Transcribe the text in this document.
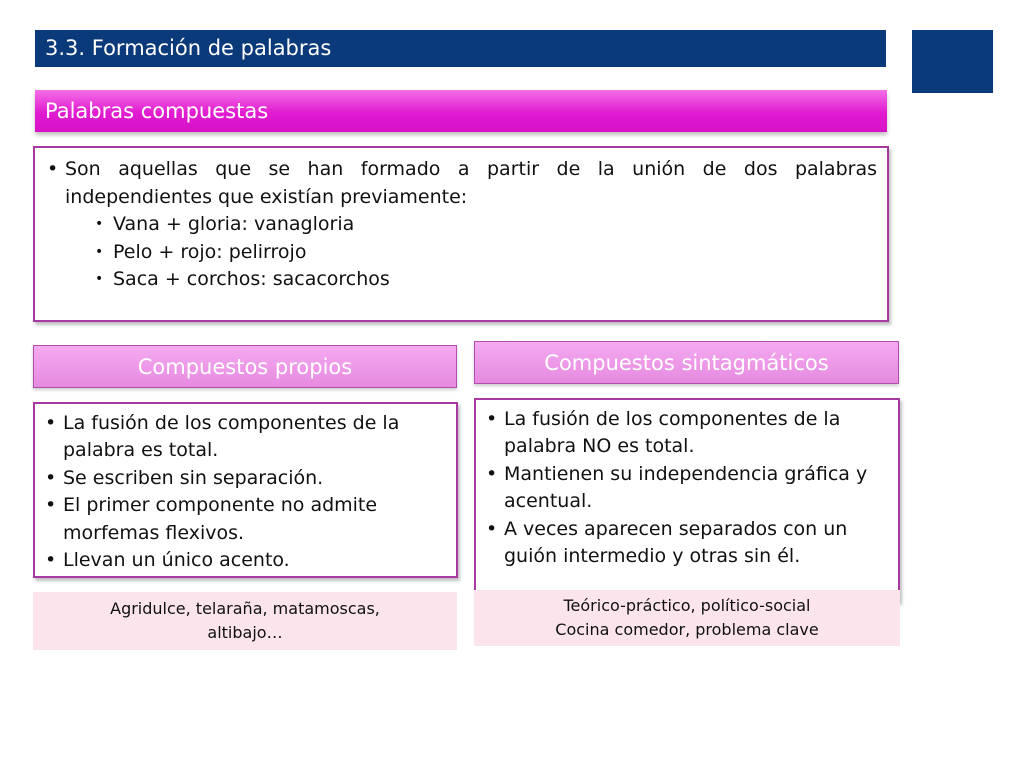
3.3. Formación de palabras
Palabras compuestas
• Son aquellas que se han formado a partir de la unión de dos palabras independientes que existían previamente:
• Vana + gloria: vanagloria
• Pelo + rojo: pelirrojo
• Saca + corchos: sacacorchos
Compuestos propios	Compuestos sintagmáticos
• La fusión de los componentes de la palabra es total.
• Se escriben sin separación.
• El primer componente no admite morfemas flexivos.
• Llevan un único acento.
• La fusión de los componentes de la palabra NO es total.
• Mantienen su independencia gráfica y acentual.
• A veces aparecen separados con un guión intermedio y otras sin él.
Agridulce, telaraña, matamoscas,
altibajo…
Teórico-práctico, político-social
Cocina comedor, problema clave
